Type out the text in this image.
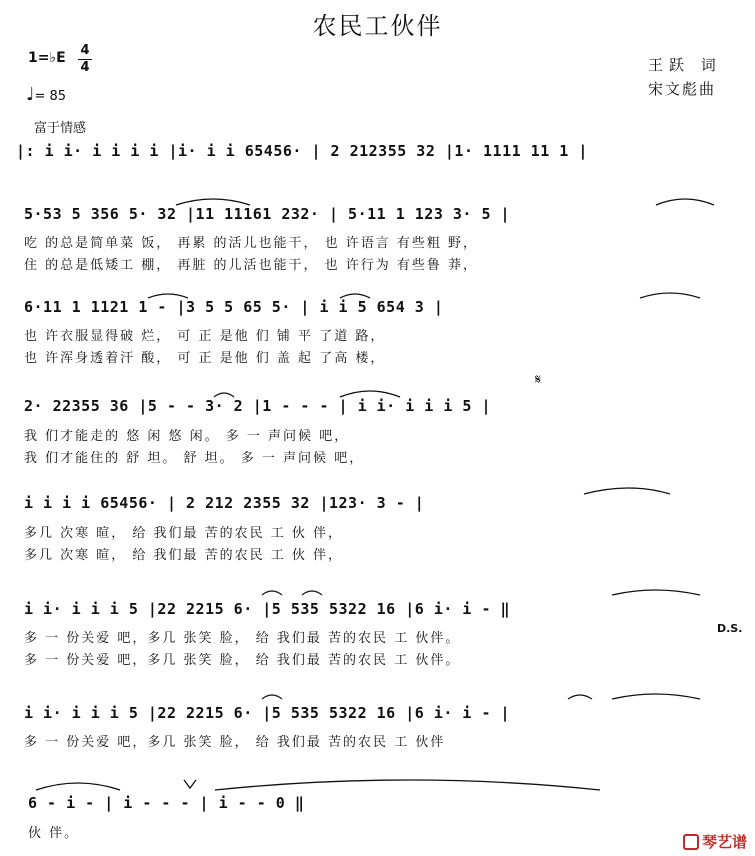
农民工伙伴
王跃 词
宋文彪曲
1=♭E 4
4
♩= 85
富于情感
|: i i· i i i i |i· i i 65456· | 2 212355 32 |1· 1111 11 1 |
5·53 5 356 5· 32 |11 11161 232· | 5·11 1 123 3· 5 |
吃 的总是简单菜 饭， 再累 的活儿也能干， 也 许语言 有些粗 野，
住 的总是低矮工 棚， 再脏 的儿活也能干， 也 许行为 有些鲁 莽，
6·11 1 1121 1 - |3 5 5 65 5· | i i 5 654 3 |
也 许衣服显得破 烂， 可 正 是他 们 铺 平 了道 路，
也 许浑身透着汗 酸， 可 正 是他 们 盖 起 了高 楼，
𝄋
2· 22355 36 |5 - - 3· 2 |1 - - - | i i· i i i 5 |
我 们才能走的 悠 闲 悠 闲。 多 一 声问候 吧，
我 们才能住的 舒 坦。 舒 坦。 多 一 声问候 吧，
i i i i 65456· | 2 212 2355 32 |123· 3 - |
多几 次寒 暄， 给 我们最 苦的农民 工 伙 伴，
多几 次寒 暄， 给 我们最 苦的农民 工 伙 伴，
i i· i i i 5 |22 2215 6· |5 535 5322 16 |6 i· i - ‖
D.S.
多 一 份关爱 吧，多几 张笑 脸， 给 我们最 苦的农民 工 伙伴。
多 一 份关爱 吧，多几 张笑 脸， 给 我们最 苦的农民 工 伙伴。
i i· i i i 5 |22 2215 6· |5 535 5322 16 |6 i· i - |
多 一 份关爱 吧，多几 张笑 脸， 给 我们最 苦的农民 工 伙伴
6 - i - | i - - - | i - - 0 ‖
伙 伴。	琴艺谱
